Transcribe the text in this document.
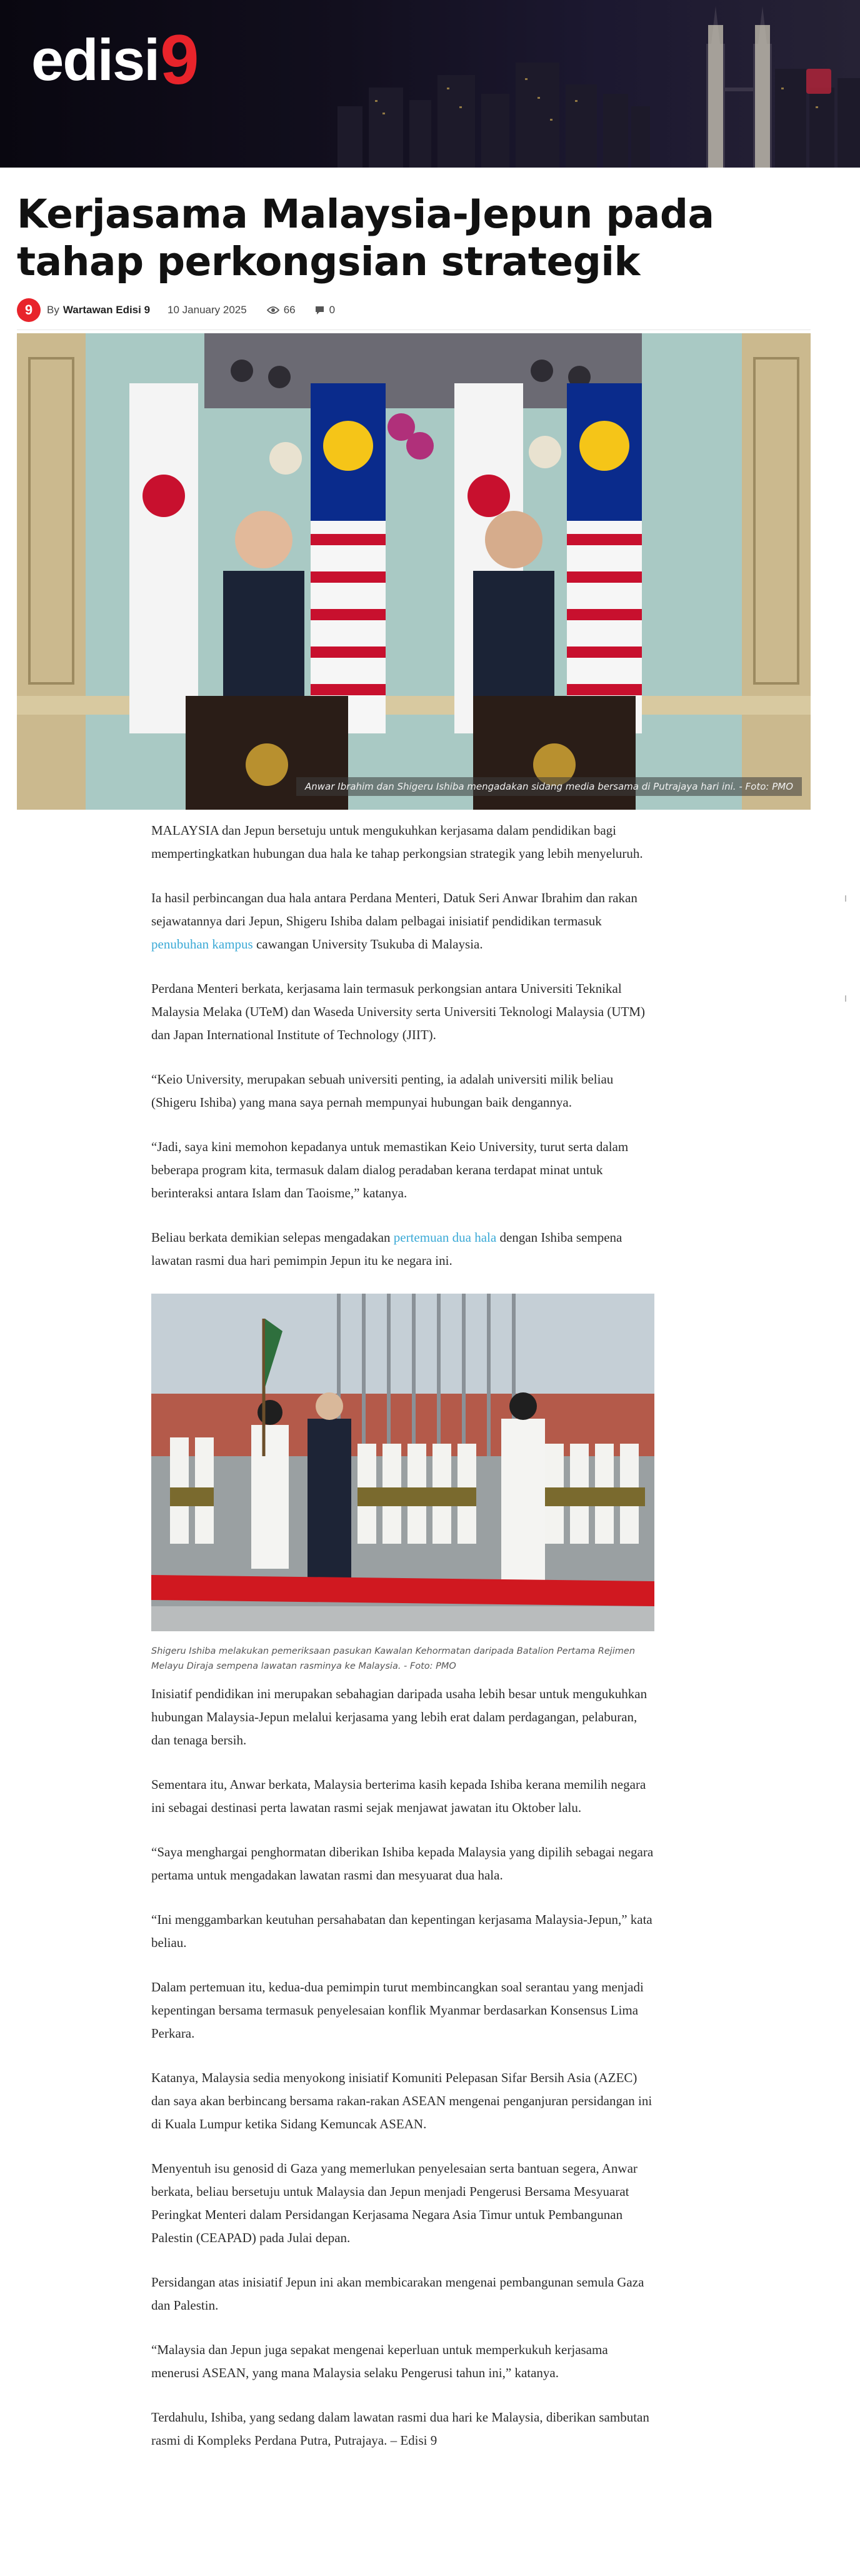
edisi 9
Kerjasama Malaysia-Jepun pada tahap perkongsian strategik
9	By Wartawan Edisi 9 10 January 2025	66	0
Anwar Ibrahim dan Shigeru Ishiba mengadakan sidang media bersama di Putrajaya hari ini. - Foto: PMO

MALAYSIA dan Jepun bersetuju untuk mengukuhkan kerjasama dalam pendidikan bagi mempertingkatkan hubungan dua hala ke tahap perkongsian strategik yang lebih menyeluruh.

Ia hasil perbincangan dua hala antara Perdana Menteri, Datuk Seri Anwar Ibrahim dan rakan sejawatannya dari Jepun, Shigeru Ishiba dalam pelbagai inisiatif pendidikan termasuk penubuhan kampus cawangan University Tsukuba di Malaysia.

Perdana Menteri berkata, kerjasama lain termasuk perkongsian antara Universiti Teknikal Malaysia Melaka (UTeM) dan Waseda University serta Universiti Teknologi Malaysia (UTM) dan Japan International Institute of Technology (JIIT).

“Keio University, merupakan sebuah universiti penting, ia adalah universiti milik beliau (Shigeru Ishiba) yang mana saya pernah mempunyai hubungan baik dengannya.

“Jadi, saya kini memohon kepadanya untuk memastikan Keio University, turut serta dalam beberapa program kita, termasuk dalam dialog peradaban kerana terdapat minat untuk berinteraksi antara Islam dan Taoisme,” katanya.

Beliau berkata demikian selepas mengadakan pertemuan dua hala dengan Ishiba sempena lawatan rasmi dua hari pemimpin Jepun itu ke negara ini.

Shigeru Ishiba melakukan pemeriksaan pasukan Kawalan Kehormatan daripada Batalion Pertama Rejimen Melayu Diraja sempena lawatan rasminya ke Malaysia. - Foto: PMO

Inisiatif pendidikan ini merupakan sebahagian daripada usaha lebih besar untuk mengukuhkan hubungan Malaysia-Jepun melalui kerjasama yang lebih erat dalam perdagangan, pelaburan, dan tenaga bersih.

Sementara itu, Anwar berkata, Malaysia berterima kasih kepada Ishiba kerana memilih negara ini sebagai destinasi perta lawatan rasmi sejak menjawat jawatan itu Oktober lalu.

“Saya menghargai penghormatan diberikan Ishiba kepada Malaysia yang dipilih sebagai negara pertama untuk mengadakan lawatan rasmi dan mesyuarat dua hala.

“Ini menggambarkan keutuhan persahabatan dan kepentingan kerjasama Malaysia-Jepun,” kata beliau.

Dalam pertemuan itu, kedua-dua pemimpin turut membincangkan soal serantau yang menjadi kepentingan bersama termasuk penyelesaian konflik Myanmar berdasarkan Konsensus Lima Perkara.

Katanya, Malaysia sedia menyokong inisiatif Komuniti Pelepasan Sifar Bersih Asia (AZEC) dan saya akan berbincang bersama rakan-rakan ASEAN mengenai penganjuran persidangan ini di Kuala Lumpur ketika Sidang Kemuncak ASEAN.

Menyentuh isu genosid di Gaza yang memerlukan penyelesaian serta bantuan segera, Anwar berkata, beliau bersetuju untuk Malaysia dan Jepun menjadi Pengerusi Bersama Mesyuarat Peringkat Menteri dalam Persidangan Kerjasama Negara Asia Timur untuk Pembangunan Palestin (CEAPAD) pada Julai depan.

Persidangan atas inisiatif Jepun ini akan membicarakan mengenai pembangunan semula Gaza dan Palestin.

“Malaysia dan Jepun juga sepakat mengenai keperluan untuk memperkukuh kerjasama menerusi ASEAN, yang mana Malaysia selaku Pengerusi tahun ini,” katanya.

Terdahulu, Ishiba, yang sedang dalam lawatan rasmi dua hari ke Malaysia, diberikan sambutan rasmi di Kompleks Perdana Putra, Putrajaya. – Edisi 9
